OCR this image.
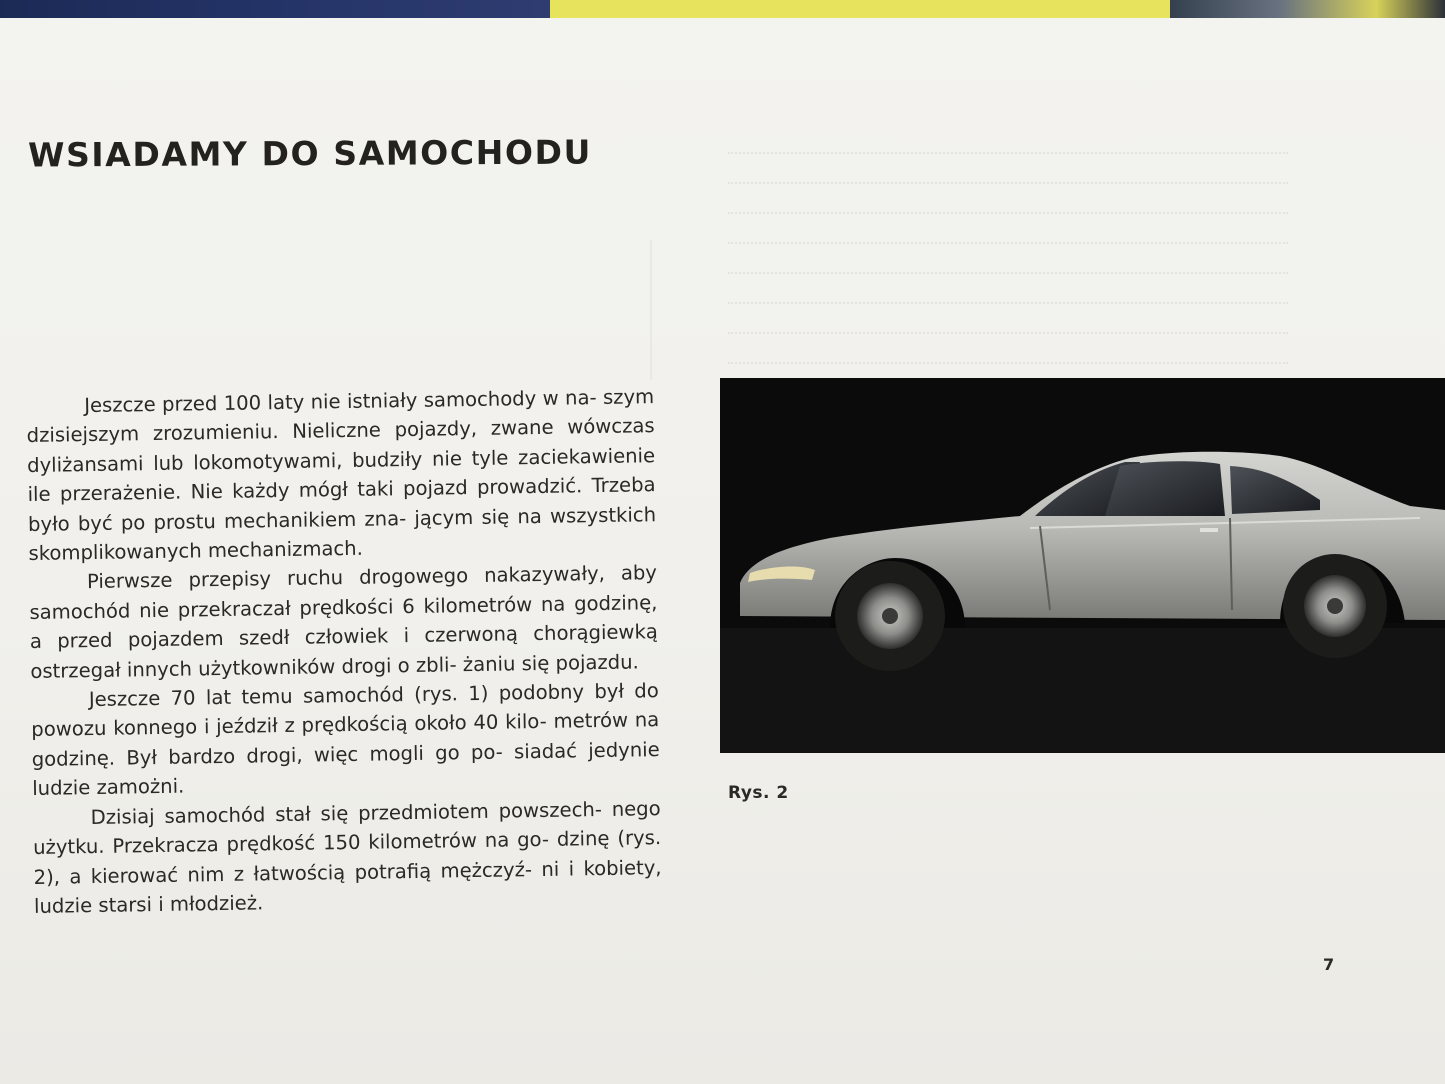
WSIADAMY DO SAMOCHODU

Jeszcze przed 100 laty nie istniały samochody w na- szym dzisiejszym zrozumieniu. Nieliczne pojazdy, zwane wówczas dyliżansami lub lokomotywami, budziły nie tyle zaciekawienie ile przerażenie. Nie każdy mógł taki pojazd prowadzić. Trzeba było być po prostu mechanikiem zna- jącym się na wszystkich skomplikowanych mechanizmach.

Pierwsze przepisy ruchu drogowego nakazywały, aby samochód nie przekraczał prędkości 6 kilometrów na godzinę, a przed pojazdem szedł człowiek i czerwoną chorągiewką ostrzegał innych użytkowników drogi o zbli- żaniu się pojazdu.

Jeszcze 70 lat temu samochód (rys. 1) podobny był do powozu konnego i jeździł z prędkością około 40 kilo- metrów na godzinę. Był bardzo drogi, więc mogli go po- siadać jedynie ludzie zamożni.

Dzisiaj samochód stał się przedmiotem powszech- nego użytku. Przekracza prędkość 150 kilometrów na go- dzinę (rys. 2), a kierować nim z łatwością potrafią mężczyź- ni i kobiety, ludzie starsi i młodzież.

Rys. 2

7
